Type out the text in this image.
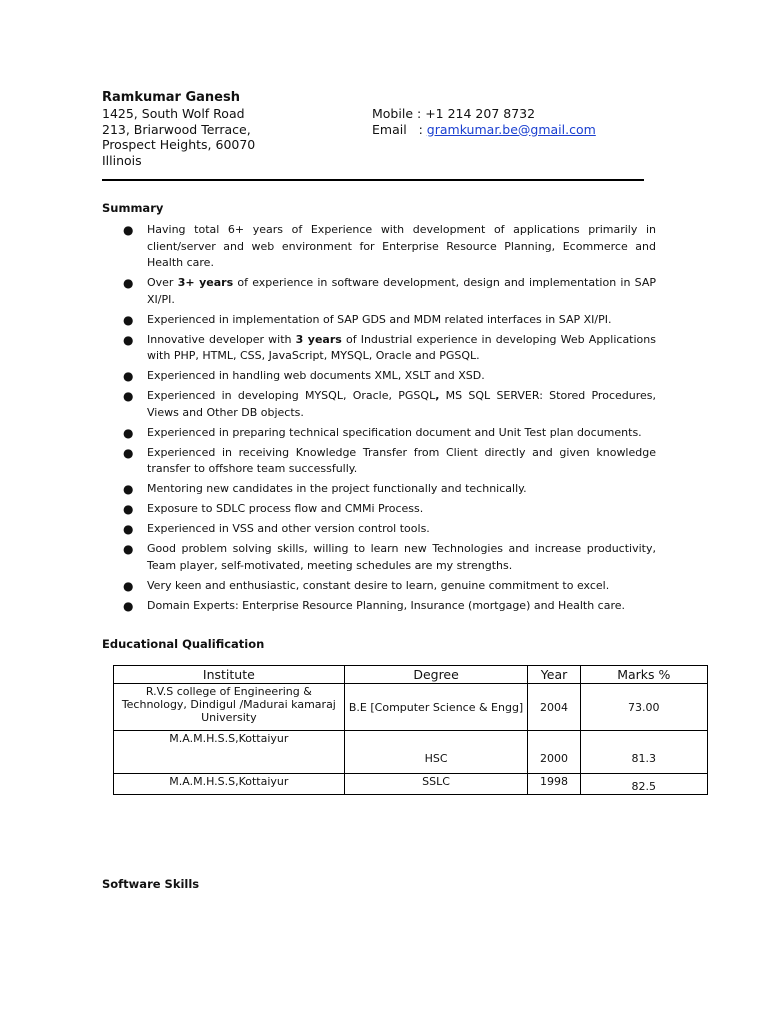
Ramkumar Ganesh
1425, South Wolf Road
213, Briarwood Terrace,
Prospect Heights, 60070
Illinois
Mobile : +1 214 207 8732
Email   : gramkumar.be@gmail.com
Summary
● Having total 6+ years of Experience with development of applications primarily in client/server and web environment for Enterprise Resource Planning, Ecommerce and Health care.
● Over 3+ years of experience in software development, design and implementation in SAP XI/PI.
● Experienced in implementation of SAP GDS and MDM related interfaces in SAP XI/PI.
● Innovative developer with 3 years of Industrial experience in developing Web Applications with PHP, HTML, CSS, JavaScript, MYSQL, Oracle and PGSQL.
● Experienced in handling web documents XML, XSLT and XSD.
● Experienced in developing MYSQL, Oracle, PGSQL, MS SQL SERVER: Stored Procedures, Views and Other DB objects.
● Experienced in preparing technical specification document and Unit Test plan documents.
● Experienced in receiving Knowledge Transfer from Client directly and given knowledge transfer to offshore team successfully.
● Mentoring new candidates in the project functionally and technically.
● Exposure to SDLC process flow and CMMi Process.
● Experienced in VSS and other version control tools.
● Good problem solving skills, willing to learn new Technologies and increase productivity, Team player, self-motivated, meeting schedules are my strengths.
● Very keen and enthusiastic, constant desire to learn, genuine commitment to excel.
● Domain Experts: Enterprise Resource Planning, Insurance (mortgage) and Health care.
Educational Qualification
Institute	Degree	Year	Marks %
R.V.S college of Engineering & Technology, Dindigul /Madurai kamaraj University	B.E [Computer Science & Engg]	2004	73.00
M.A.M.H.S.S,Kottaiyur	HSC	2000	81.3
M.A.M.H.S.S,Kottaiyur	SSLC	1998	82.5
Software Skills
